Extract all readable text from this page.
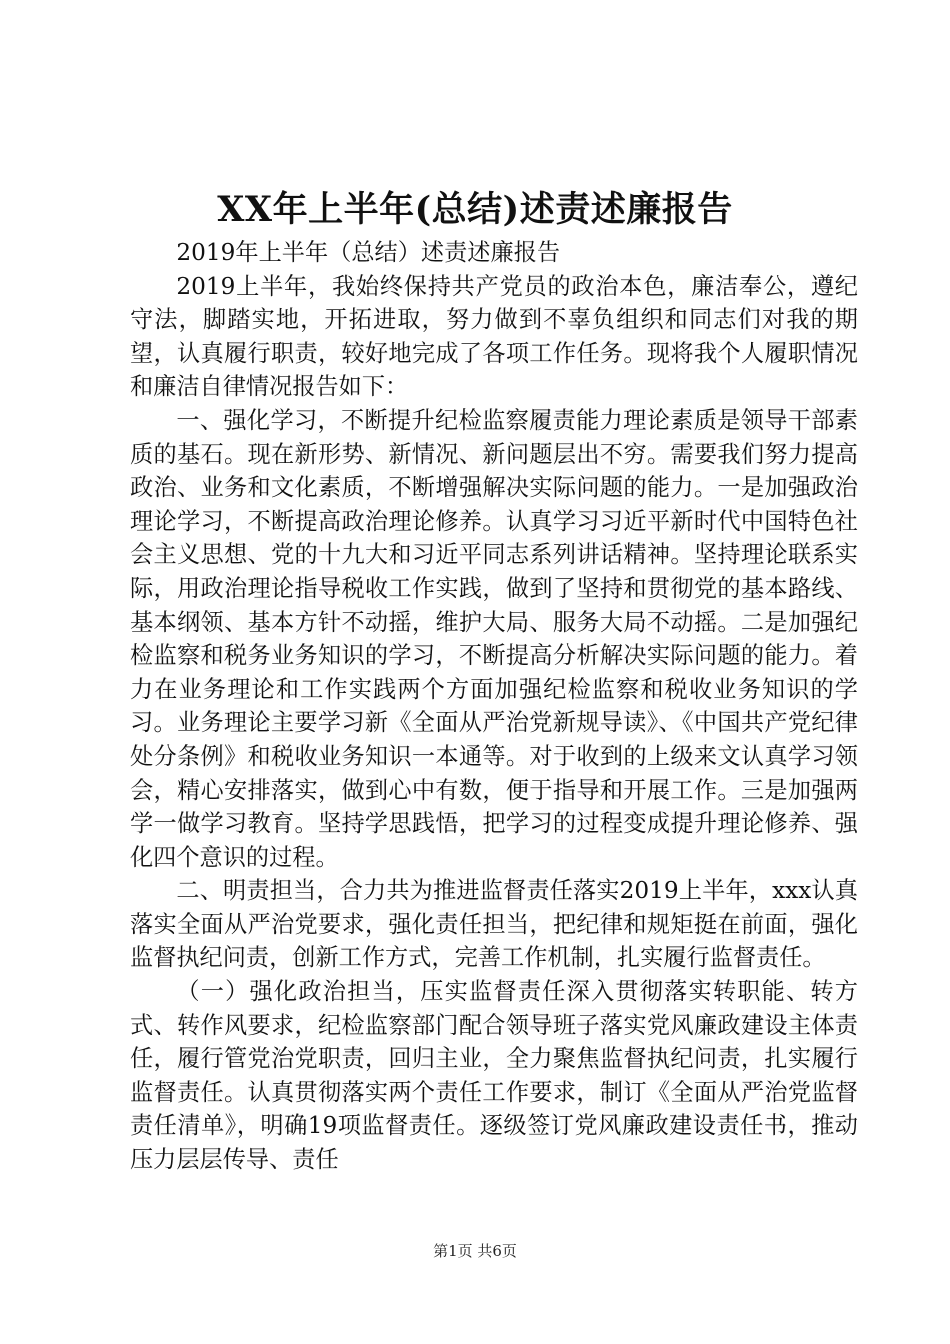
XX年上半年(总结)述责述廉报告

2019年上半年（总结）述责述廉报告

2019上半年，我始终保持共产党员的政治本色，廉洁奉公，遵纪守法，脚踏实地，开拓进取，努力做到不辜负组织和同志们对我的期望，认真履行职责，较好地完成了各项工作任务。现将我个人履职情况和廉洁自律情况报告如下：

一、强化学习，不断提升纪检监察履责能力理论素质是领导干部素质的基石。现在新形势、新情况、新问题层出不穷。需要我们努力提高政治、业务和文化素质，不断增强解决实际问题的能力。一是加强政治理论学习，不断提高政治理论修养。认真学习习近平新时代中国特色社会主义思想、党的十九大和习近平同志系列讲话精神。坚持理论联系实际，用政治理论指导税收工作实践，做到了坚持和贯彻党的基本路线、基本纲领、基本方针不动摇，维护大局、服务大局不动摇。二是加强纪检监察和税务业务知识的学习，不断提高分析解决实际问题的能力。着力在业务理论和工作实践两个方面加强纪检监察和税收业务知识的学习。业务理论主要学习新《全面从严治党新规导读》、《中国共产党纪律处分条例》和税收业务知识一本通等。对于收到的上级来文认真学习领会，精心安排落实，做到心中有数，便于指导和开展工作。三是加强两学一做学习教育。坚持学思践悟，把学习的过程变成提升理论修养、强化四个意识的过程。

二、明责担当，合力共为推进监督责任落实2019上半年，xxx认真落实全面从严治党要求，强化责任担当，把纪律和规矩挺在前面，强化监督执纪问责，创新工作方式，完善工作机制，扎实履行监督责任。

（一）强化政治担当，压实监督责任深入贯彻落实转职能、转方式、转作风要求，纪检监察部门配合领导班子落实党风廉政建设主体责任，履行管党治党职责，回归主业，全力聚焦监督执纪问责，扎实履行监督责任。认真贯彻落实两个责任工作要求，制订《全面从严治党监督责任清单》，明确19项监督责任。逐级签订党风廉政建设责任书，推动压力层层传导、责任

第1页 共6页
